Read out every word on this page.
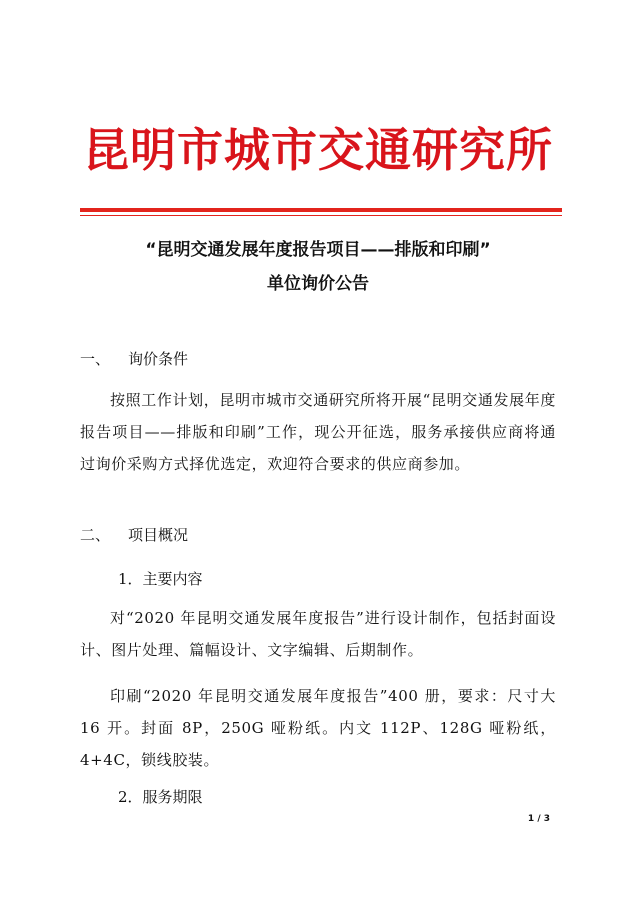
昆明市城市交通研究所
“昆明交通发展年度报告项目——排版和印刷”
单位询价公告
一、 询价条件
按照工作计划，昆明市城市交通研究所将开展“昆明交通发展年度报告项目——排版和印刷”工作，现公开征选，服务承接供应商将通过询价采购方式择优选定，欢迎符合要求的供应商参加。
二、 项目概况
1．主要内容
对“2020 年昆明交通发展年度报告”进行设计制作，包括封面设计、图片处理、篇幅设计、文字编辑、后期制作。
印刷“2020 年昆明交通发展年度报告”400 册，要求：尺寸大 16 开。封面 8P，250G 哑粉纸。内文 112P、128G 哑粉纸，4+4C，锁线胶装。
2．服务期限
1 / 3
